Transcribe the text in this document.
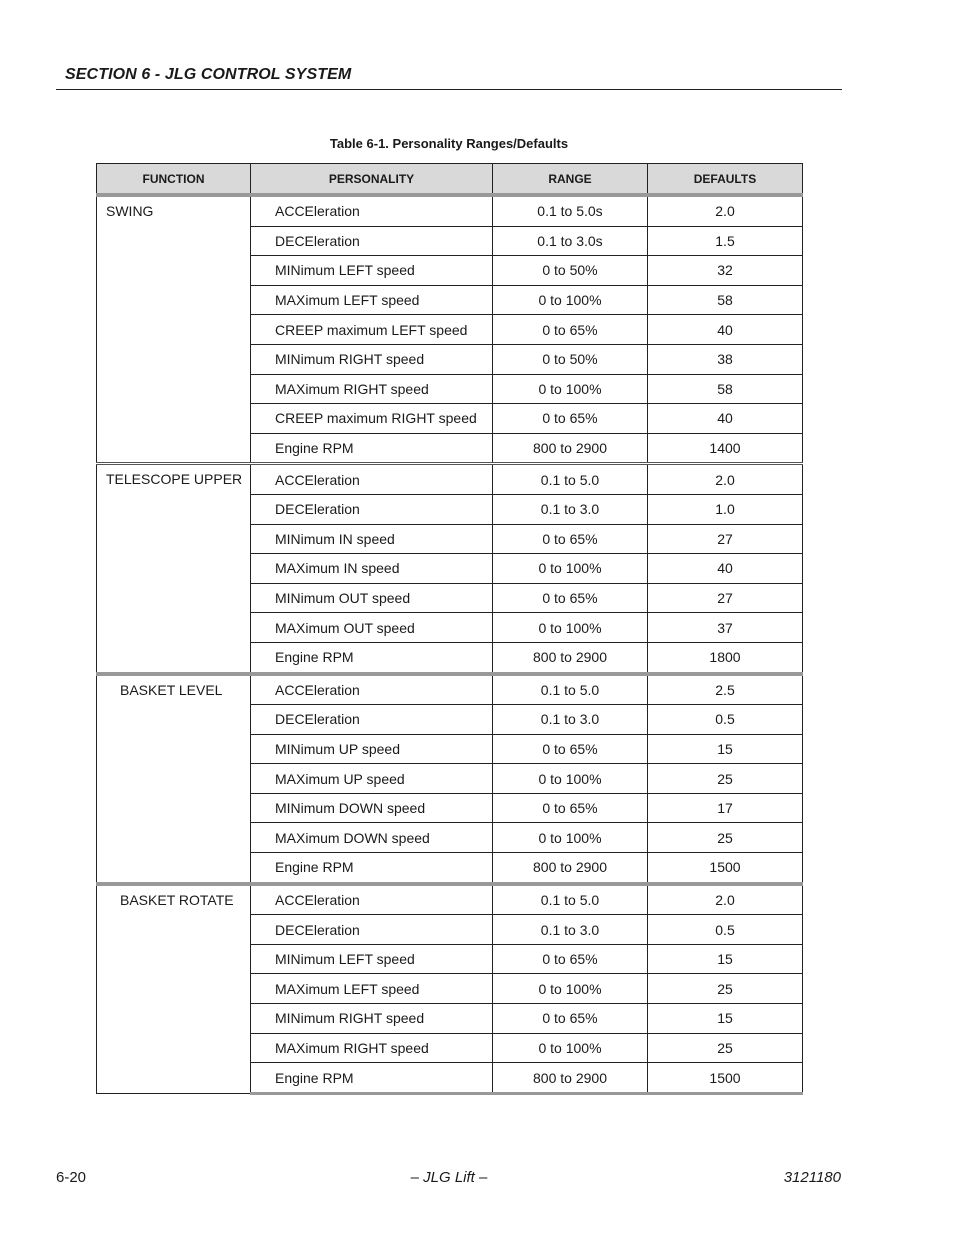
SECTION 6 - JLG CONTROL SYSTEM
Table 6-1. Personality Ranges/Defaults
FUNCTION	PERSONALITY	RANGE	DEFAULTS
SWING	ACCEleration	0.1 to 5.0s	2.0
	DECEleration	0.1 to 3.0s	1.5
	MINimum LEFT speed	0 to 50%	32
	MAXimum LEFT speed	0 to 100%	58
	CREEP maximum LEFT speed	0 to 65%	40
	MINimum RIGHT speed	0 to 50%	38
	MAXimum RIGHT speed	0 to 100%	58
	CREEP maximum RIGHT speed	0 to 65%	40
	Engine RPM	800 to 2900	1400
TELESCOPE UPPER	ACCEleration	0.1 to 5.0	2.0
	DECEleration	0.1 to 3.0	1.0
	MINimum IN speed	0 to 65%	27
	MAXimum IN speed	0 to 100%	40
	MINimum OUT speed	0 to 65%	27
	MAXimum OUT speed	0 to 100%	37
	Engine RPM	800 to 2900	1800
BASKET LEVEL	ACCEleration	0.1 to 5.0	2.5
	DECEleration	0.1 to 3.0	0.5
	MINimum UP speed	0 to 65%	15
	MAXimum UP speed	0 to 100%	25
	MINimum DOWN speed	0 to 65%	17
	MAXimum DOWN speed	0 to 100%	25
	Engine RPM	800 to 2900	1500
BASKET ROTATE	ACCEleration	0.1 to 5.0	2.0
	DECEleration	0.1 to 3.0	0.5
	MINimum LEFT speed	0 to 65%	15
	MAXimum LEFT speed	0 to 100%	25
	MINimum RIGHT speed	0 to 65%	15
	MAXimum RIGHT speed	0 to 100%	25
	Engine RPM	800 to 2900	1500
6-20	– JLG Lift –	3121180
